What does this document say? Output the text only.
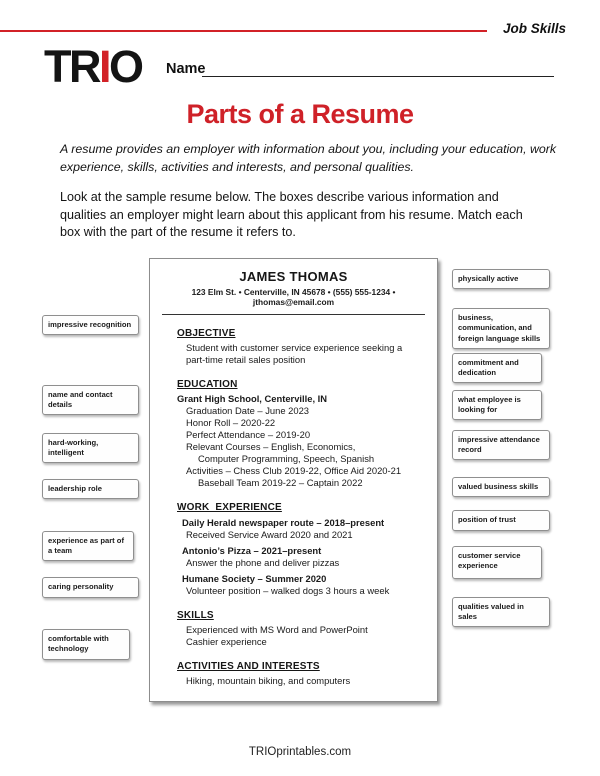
Job Skills
TRIO Name
Parts of a Resume
A resume provides an employer with information about you, including your education, work experience, skills, activities and interests, and personal qualities.
Look at the sample resume below. The boxes describe various information and qualities an employer might learn about this applicant from his resume. Match each box with the part of the resume it refers to.
JAMES THOMAS
123 Elm St. • Centerville, IN 45678 • (555) 555-1234 • jthomas@email.com
OBJECTIVE
Student with customer service experience seeking a part-time retail sales position
EDUCATION
Grant High School, Centerville, IN
Graduation Date – June 2023
Honor Roll – 2020-22
Perfect Attendance – 2019-20
Relevant Courses – English, Economics,
Computer Programming, Speech, Spanish
Activities – Chess Club 2019-22, Office Aid 2020-21
Baseball Team 2019-22 – Captain 2022
WORK  EXPERIENCE
Daily Herald newspaper route – 2018–present
Received Service Award 2020 and 2021
Antonio’s Pizza – 2021–present
Answer the phone and deliver pizzas
Humane Society – Summer 2020
Volunteer position – walked dogs 3 hours a week
SKILLS
Experienced with MS Word and PowerPoint
Cashier experience
ACTIVITIES AND INTERESTS
Hiking, mountain biking, and computers
impressive recognition
name and contact details
hard-working, intelligent
leadership role
experience as part of a team
caring personality
comfortable with technology
physically active
business, communication, and foreign language skills
commitment and dedication
what employee is looking for
impressive attendance record
valued business skills
position of trust
customer service experience
qualities valued in sales
TRIOprintables.com
